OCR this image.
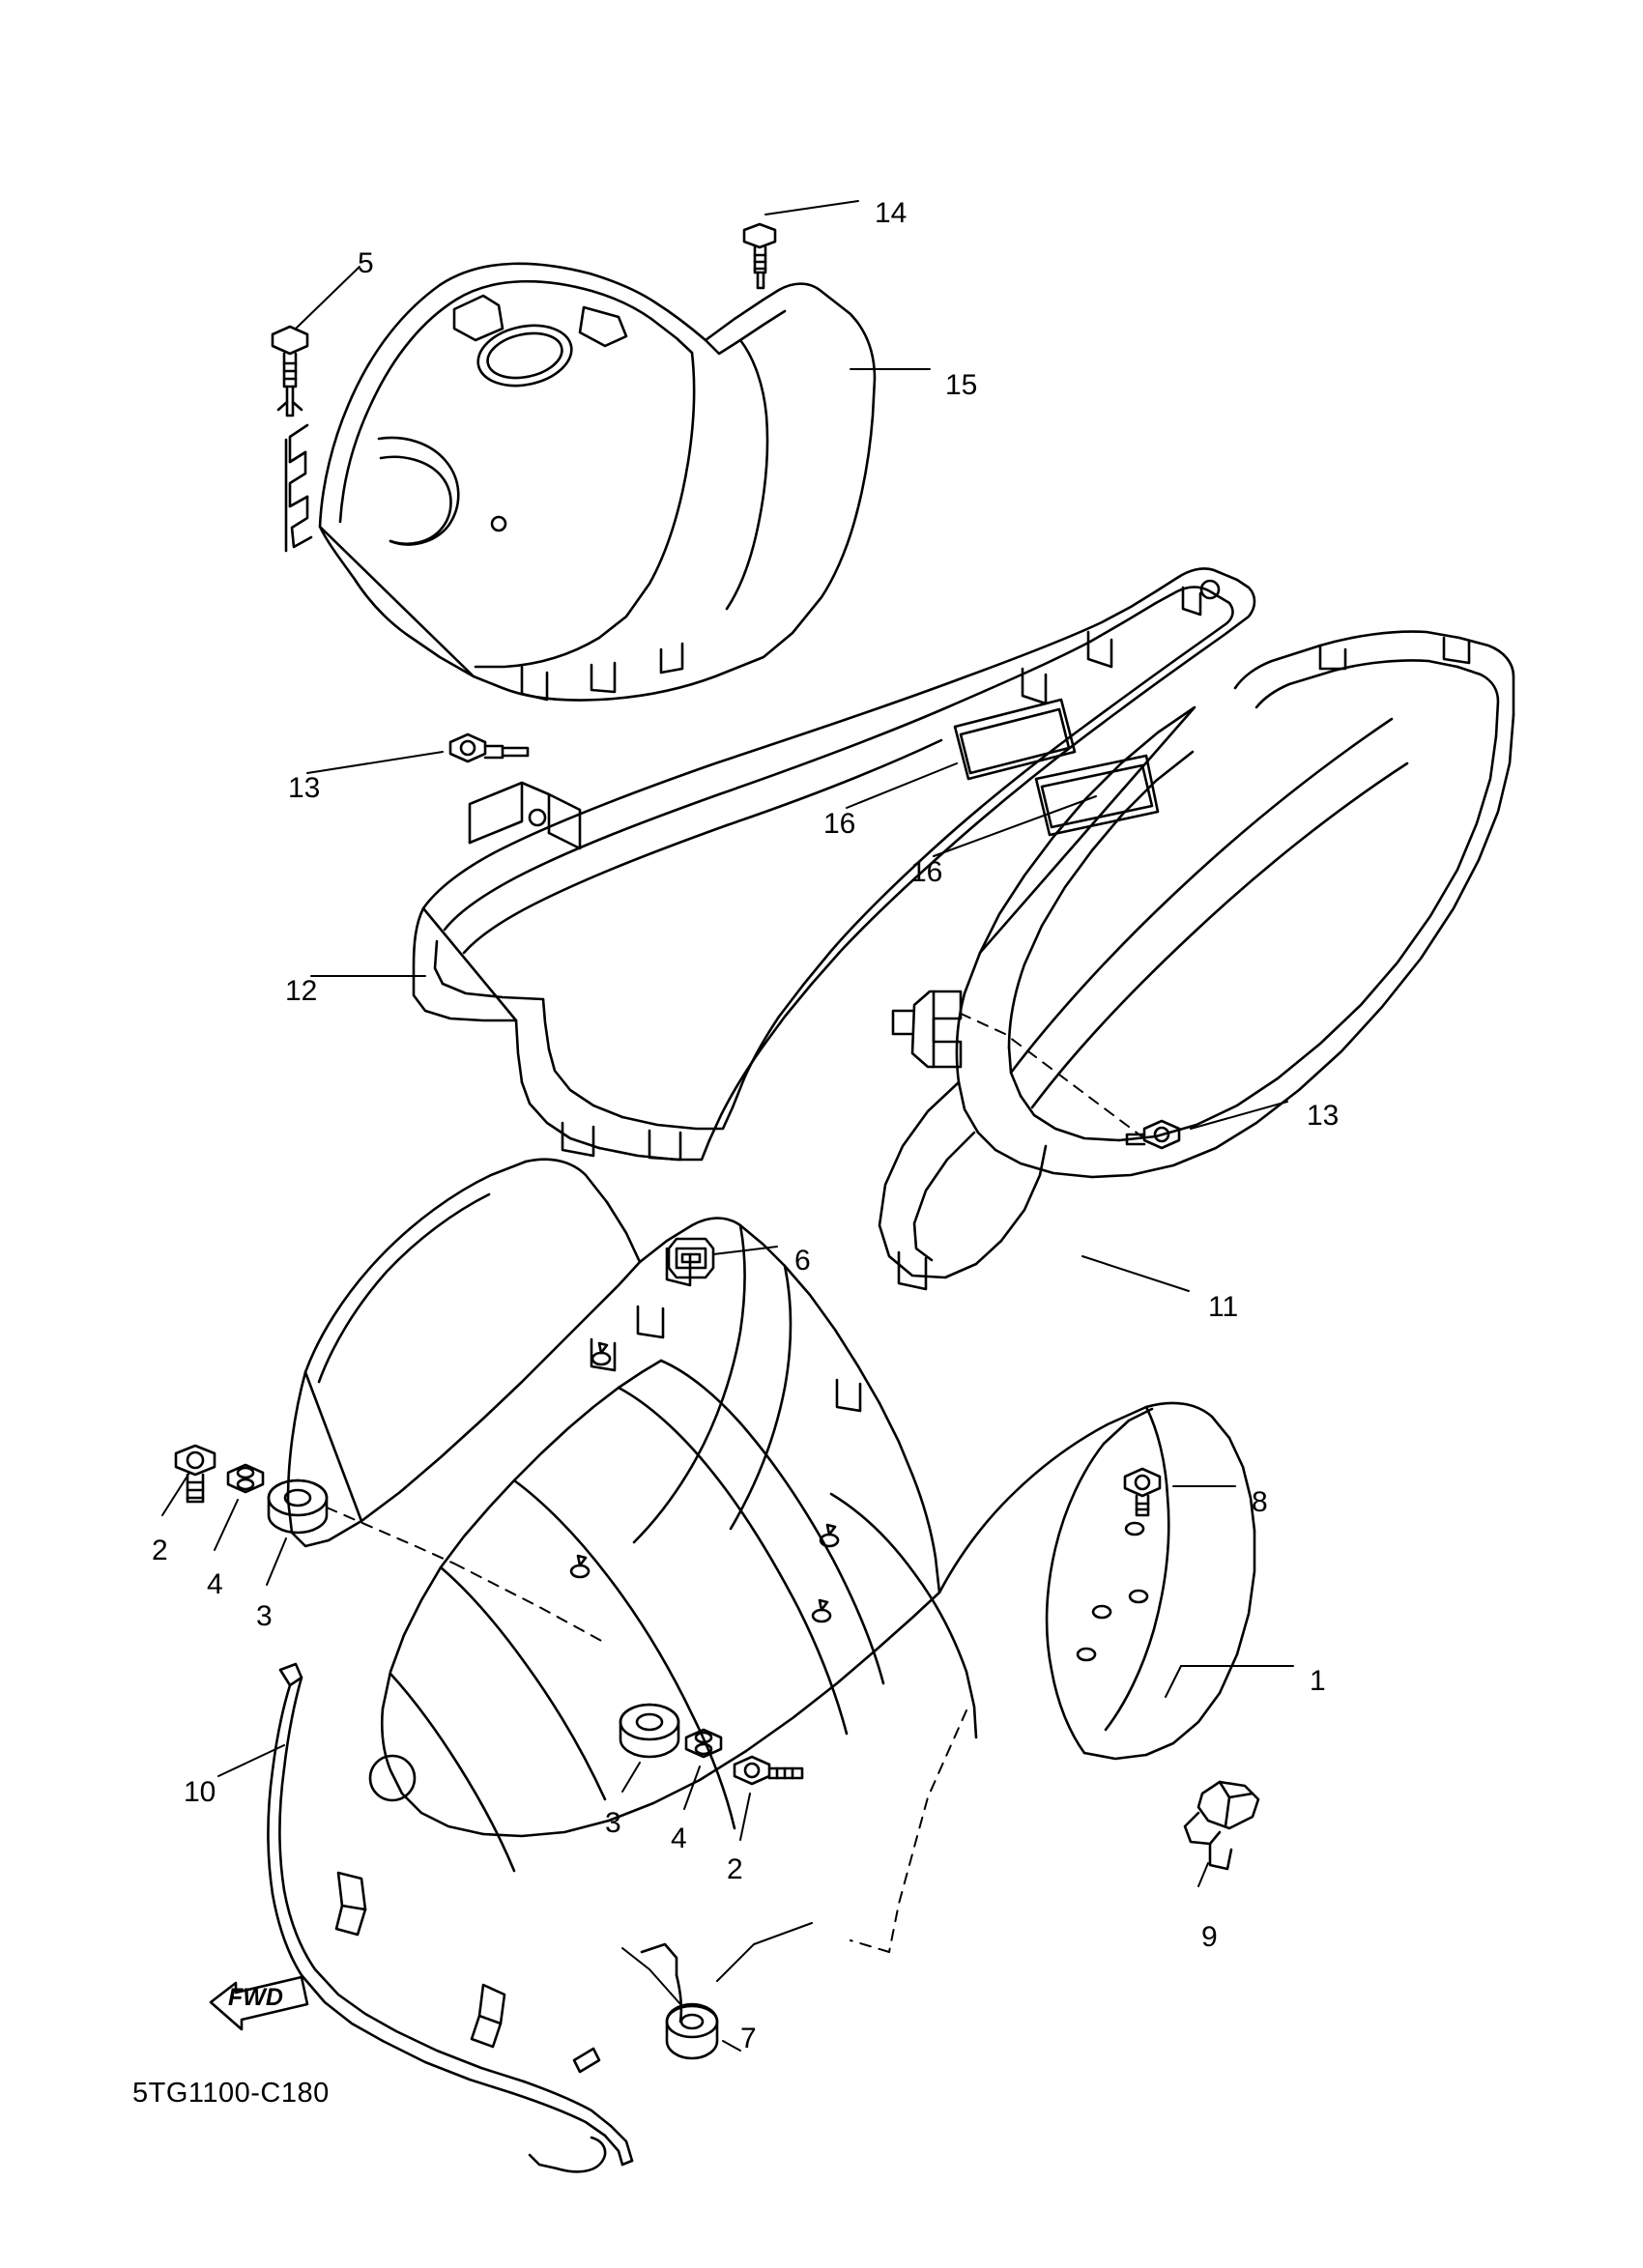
14
5
15
13
16
16
12
13
11
6
8
2
4
3
1
10
3 4
2
9
7
FWD
5TG1100-C180
